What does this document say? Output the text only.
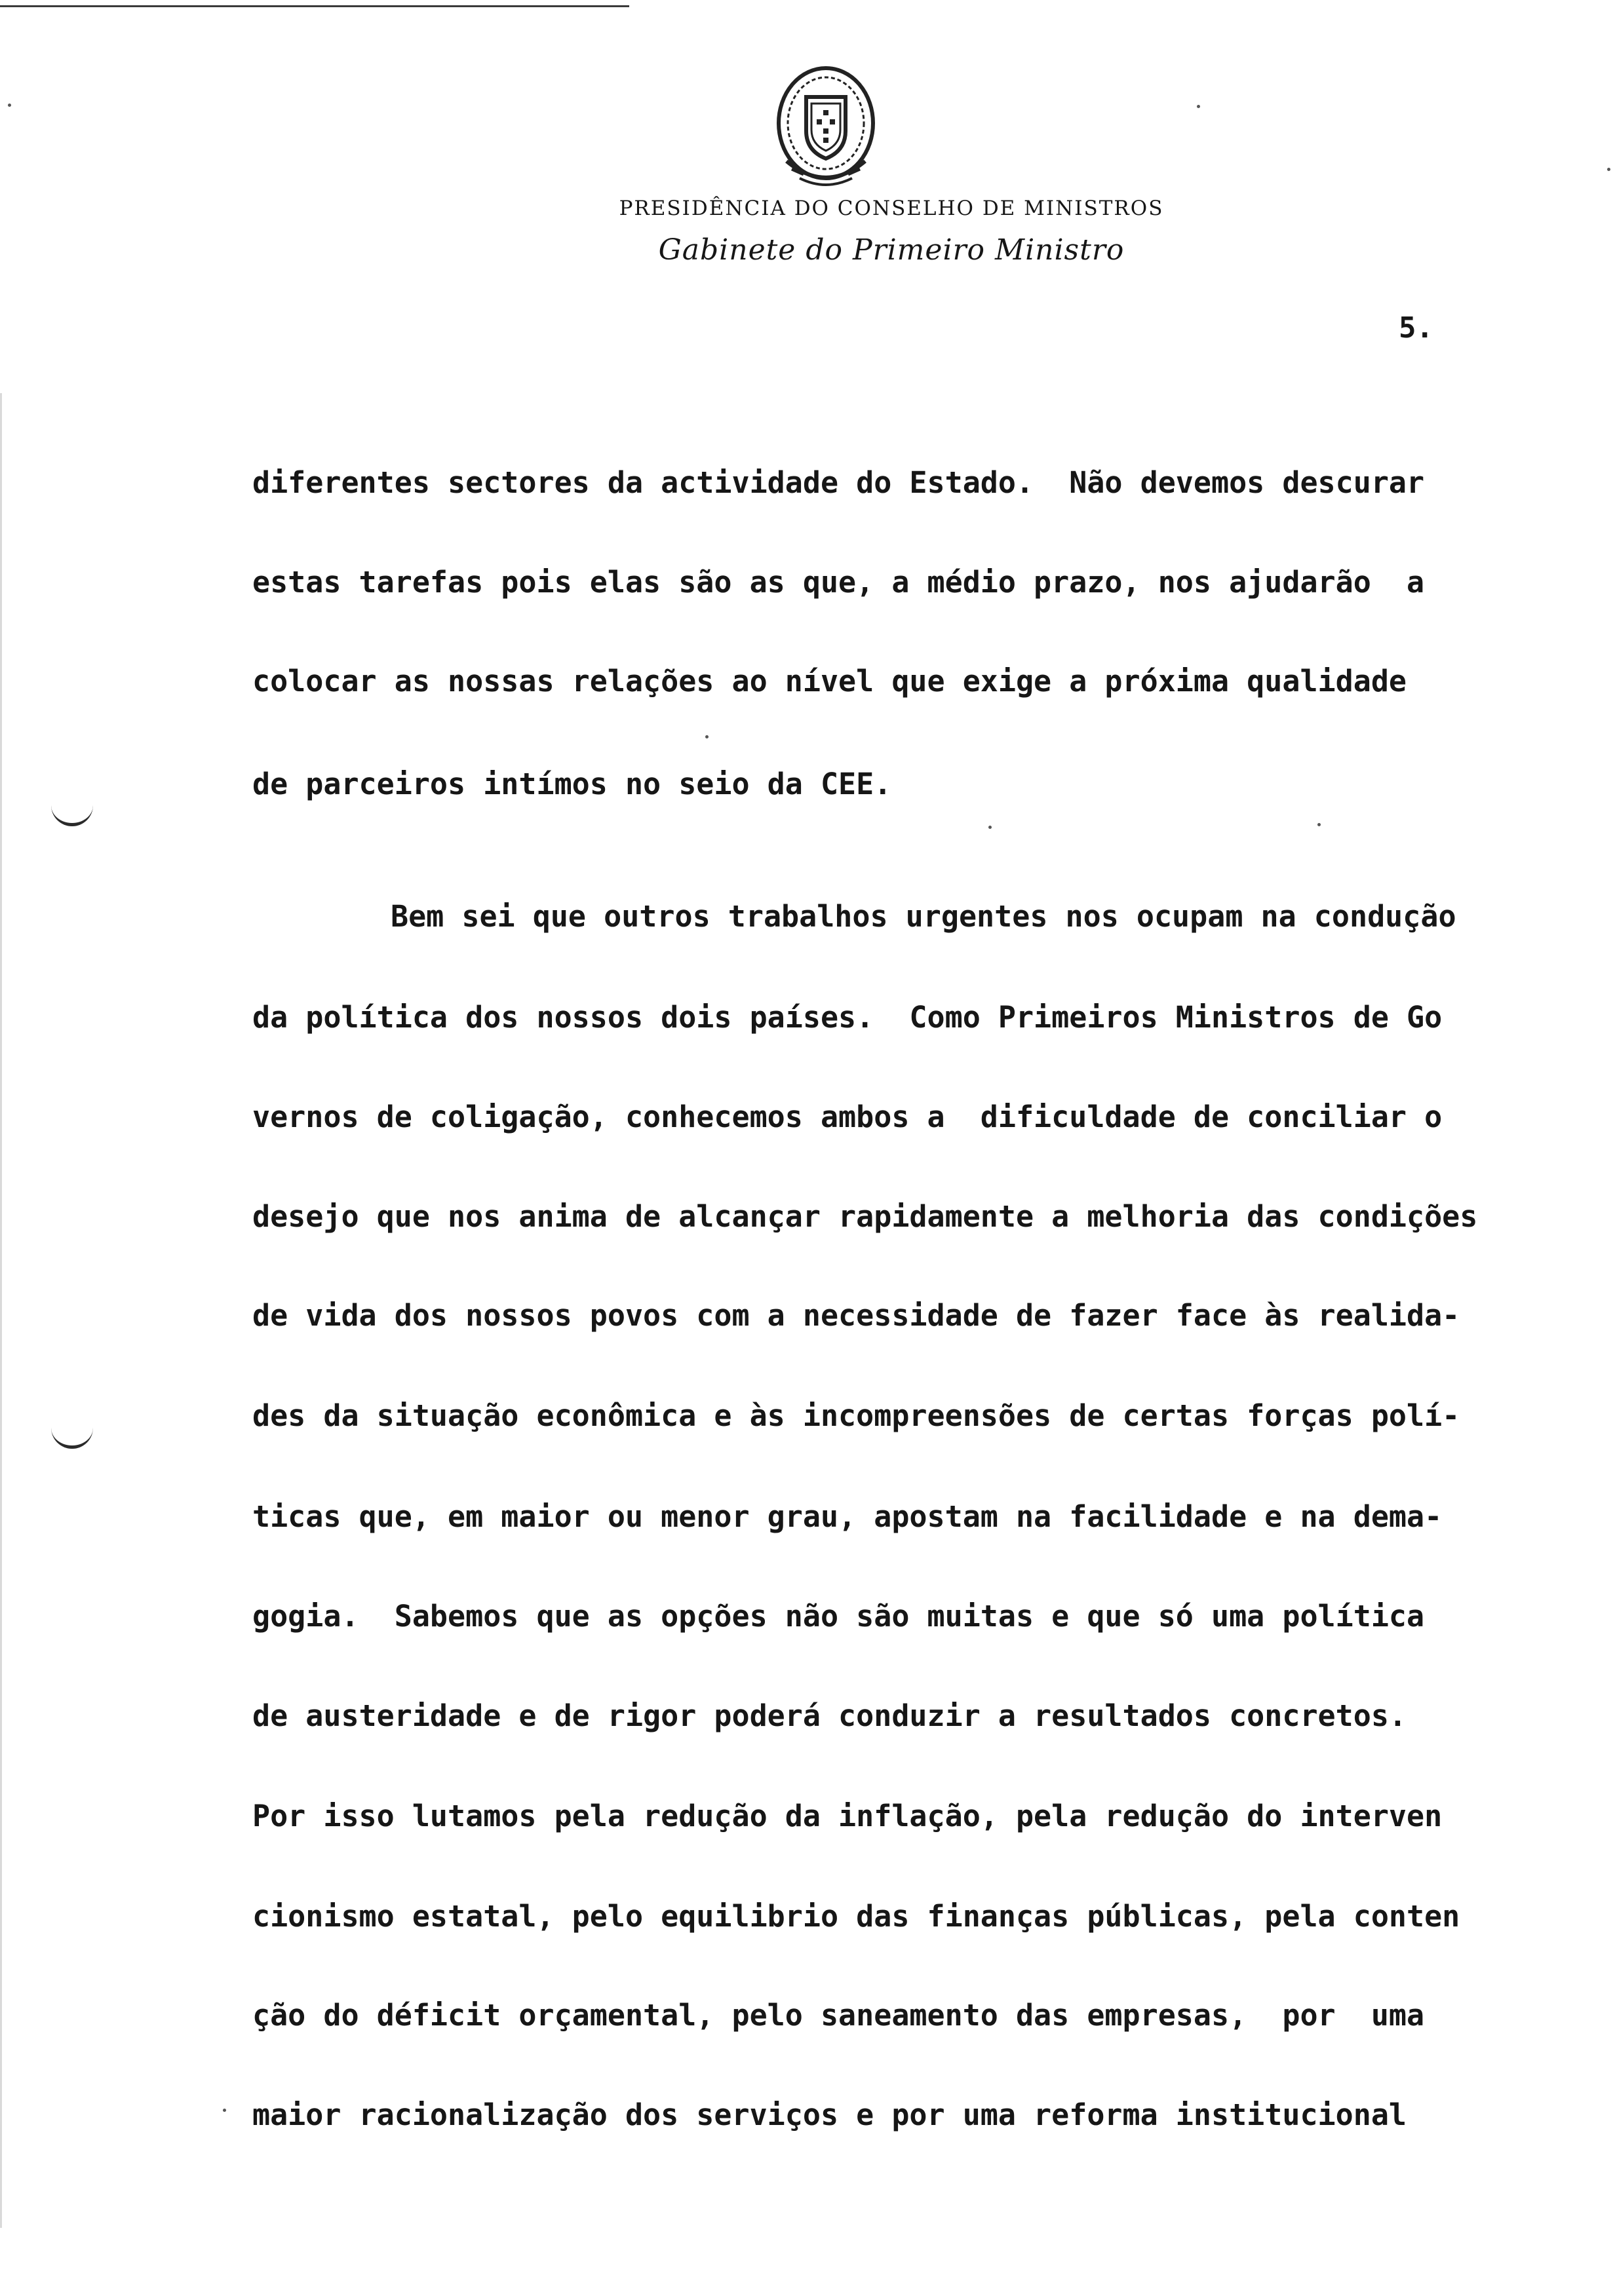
PRESIDÊNCIA DO CONSELHO DE MINISTROS
Gabinete do Primeiro Ministro
5.

diferentes sectores da actividade do Estado.  Não devemos descurar

estas tarefas pois elas são as que, a médio prazo, nos ajudarão  a

colocar as nossas relações ao nível que exige a próxima qualidade

de parceiros intímos no seio da CEE.

Bem sei que outros trabalhos urgentes nos ocupam na condução

da política dos nossos dois países.  Como Primeiros Ministros de Go

vernos de coligação, conhecemos ambos a  dificuldade de conciliar o

desejo que nos anima de alcançar rapidamente a melhoria das condições

de vida dos nossos povos com a necessidade de fazer face às realida-

des da situação econômica e às incompreensões de certas forças polí-

ticas que, em maior ou menor grau, apostam na facilidade e na dema-

gogia.  Sabemos que as opções não são muitas e que só uma política

de austeridade e de rigor poderá conduzir a resultados concretos.

Por isso lutamos pela redução da inflação, pela redução do interven

cionismo estatal, pelo equilibrio das finanças públicas, pela conten

ção do déficit orçamental, pelo saneamento das empresas,  por  uma

maior racionalização dos serviços e por uma reforma institucional
